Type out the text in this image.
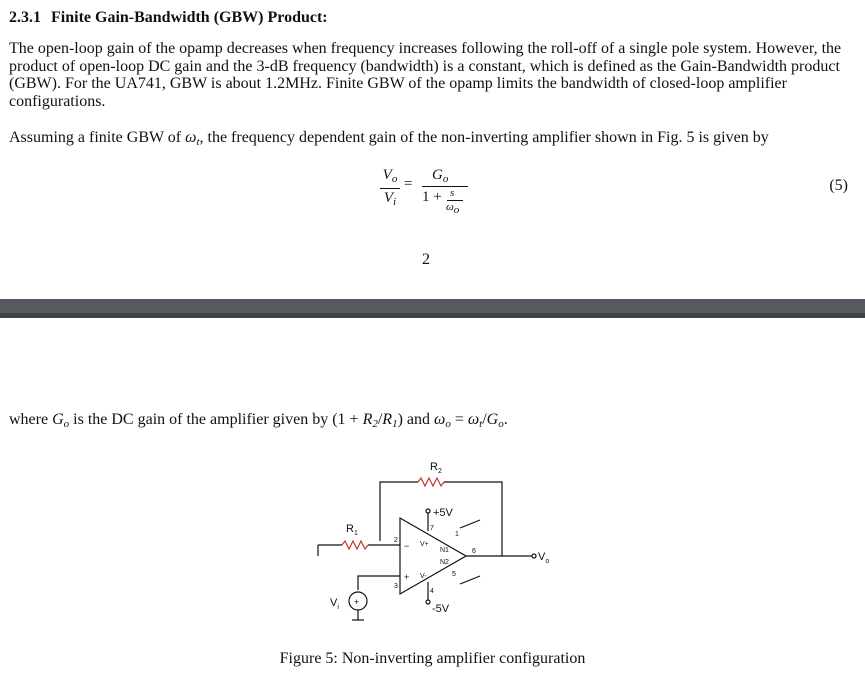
2.3.1 Finite Gain-Bandwidth (GBW) Product:
The open-loop gain of the opamp decreases when frequency increases following the roll-off of a single pole system. However, the product of open-loop DC gain and the 3-dB frequency (bandwidth) is a constant, which is defined as the Gain-Bandwidth product (GBW). For the UA741, GBW is about 1.2MHz. Finite GBW of the opamp limits the bandwidth of closed-loop amplifier configurations.
Assuming a finite GBW of $\omega_t$, the frequency dependent gain of the non-inverting amplifier shown in Fig. 5 is given by
$V_o$
$V_i$
=
$G_o$
1 + s
ωo
(5)
2
where $G_o$ is the DC gain of the amplifier given by $(1 + R_2/R_1)$ and $\omega_o = \omega_t/G_o$.
$R_2$
$R_1$
+5V
-5V
$V_i$
$V_o$
+
2
3
4
5
6
7
1
V+
V-
N1
N2
−
+
Figure 5: Non-inverting amplifier configuration
